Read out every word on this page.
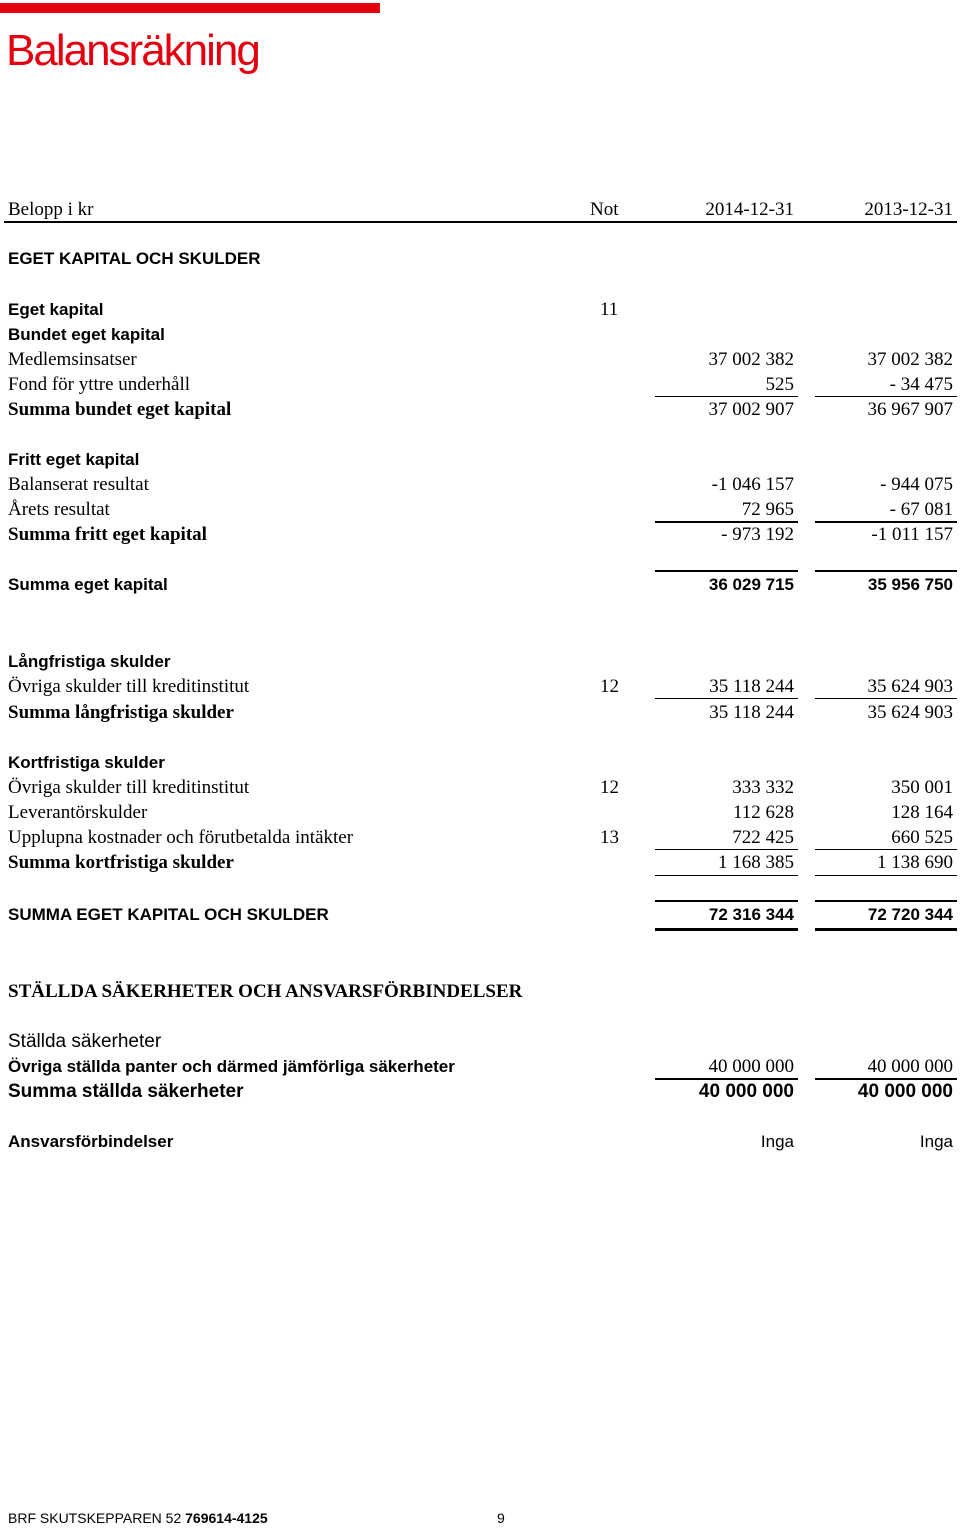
Balansräkning
Belopp i kr	Not	2014-12-31	2013-12-31
EGET KAPITAL OCH SKULDER
Eget kapital	11
Bundet eget kapital
Medlemsinsatser	37 002 382	37 002 382
Fond för yttre underhåll	525	- 34 475
Summa bundet eget kapital	37 002 907	36 967 907
Fritt eget kapital
Balanserat resultat	-1 046 157	- 944 075
Årets resultat	72 965	- 67 081
Summa fritt eget kapital	- 973 192	-1 011 157
Summa eget kapital	36 029 715	35 956 750
Långfristiga skulder
Övriga skulder till kreditinstitut	12	35 118 244	35 624 903
Summa långfristiga skulder	35 118 244	35 624 903
Kortfristiga skulder
Övriga skulder till kreditinstitut	12	333 332	350 001
Leverantörskulder	112 628	128 164
Upplupna kostnader och förutbetalda intäkter	13	722 425	660 525
Summa kortfristiga skulder	1 168 385	1 138 690
SUMMA EGET KAPITAL OCH SKULDER	72 316 344	72 720 344
STÄLLDA SÄKERHETER OCH ANSVARSFÖRBINDELSER
Ställda säkerheter
Övriga ställda panter och därmed jämförliga säkerheter	40 000 000	40 000 000
Summa ställda säkerheter	40 000 000	40 000 000
Ansvarsförbindelser	Inga	Inga
BRF SKUTSKEPPAREN 52 769614-4125	9
